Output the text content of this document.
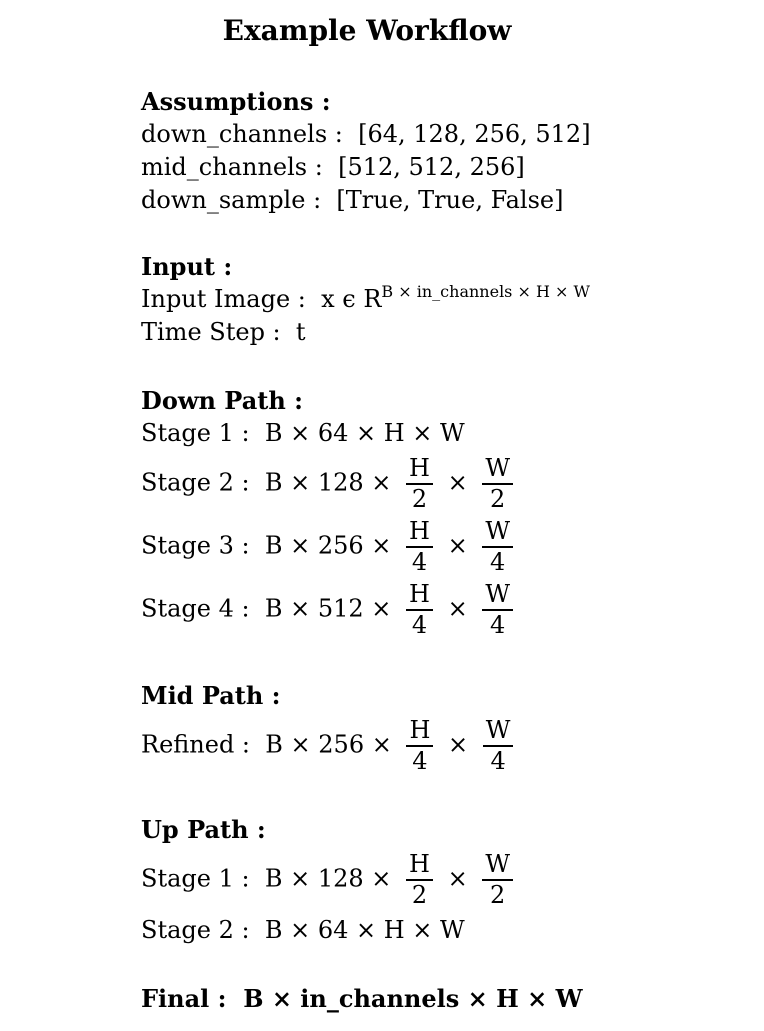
Example Workflow
Assumptions :
down_channels :  [64, 128, 256, 512]
mid_channels :  [512, 512, 256]
down_sample :  [True, True, False]
Input :
Input Image :  x ϵ $R^{B \times in\_channels \times H \times W}$
Time Step :  t
Down Path :
Stage 1 :  B × 64 × H × W
Stage 2 :  $B \times 128 \times \frac{H}{2} \times \frac{W}{2}$
Stage 3 :  $B \times 256 \times \frac{H}{4} \times \frac{W}{4}$
Stage 4 :  $B \times 512 \times \frac{H}{4} \times \frac{W}{4}$
Mid Path :
Refined :  $B \times 256 \times \frac{H}{4} \times \frac{W}{4}$
Up Path :
Stage 1 :  $B \times 128 \times \frac{H}{2} \times \frac{W}{2}$
Stage 2 :  B × 64 × H × W
Final :  B × in_channels × H × W
